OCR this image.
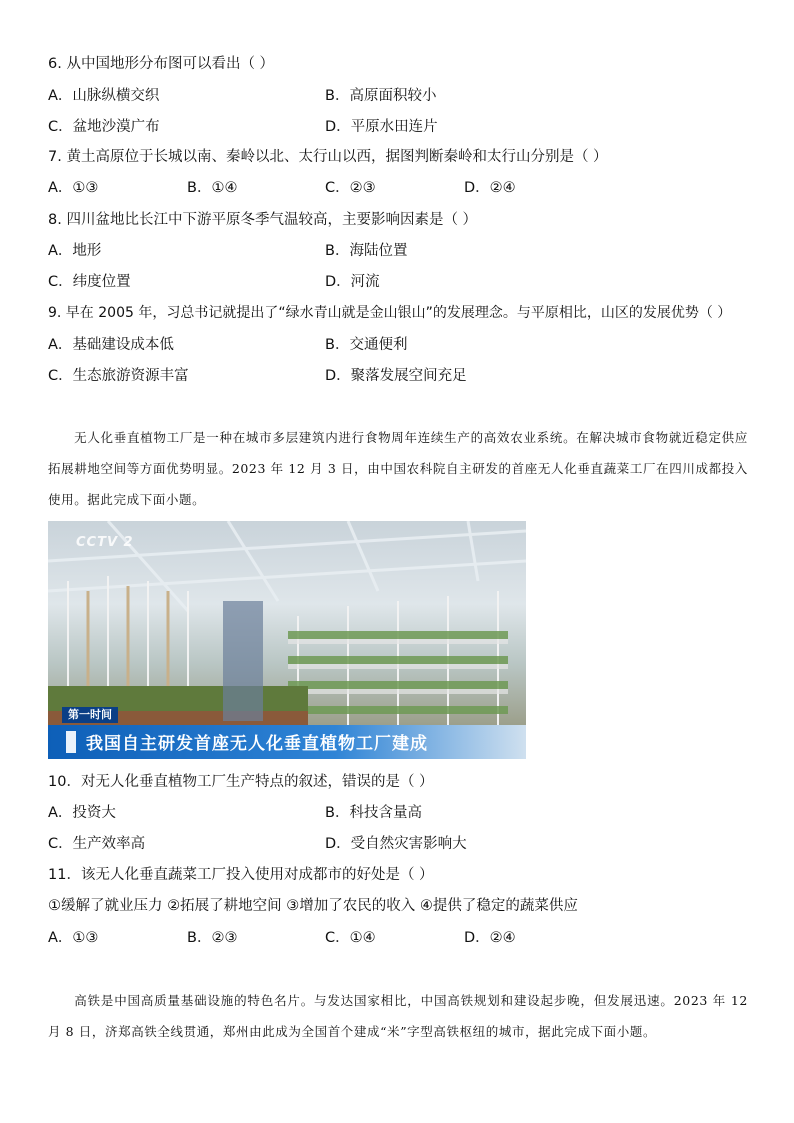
6. 从中国地形分布图可以看出（ ）
A．山脉纵横交织	B．高原面积较小
C．盆地沙漠广布	D．平原水田连片
7. 黄土高原位于长城以南、秦岭以北、太行山以西，据图判断秦岭和太行山分别是（ ）
A．①③	B．①④	C．②③	D．②④
8. 四川盆地比长江中下游平原冬季气温较高，主要影响因素是（ ）
A．地形	B．海陆位置
C．纬度位置	D．河流
9. 早在 2005 年，习总书记就提出了“绿水青山就是金山银山”的发展理念。与平原相比，山区的发展优势（ ）
A．基础建设成本低	B．交通便利
C．生态旅游资源丰富	D．聚落发展空间充足
无人化垂直植物工厂是一种在城市多层建筑内进行食物周年连续生产的高效农业系统。在解决城市食物就近稳定供应拓展耕地空间等方面优势明显。2023 年 12 月 3 日，由中国农科院自主研发的首座无人化垂直蔬菜工厂在四川成都投入使用。据此完成下面小题。
CCTV 2
第一时间
我国自主研发首座无人化垂直植物工厂建成
10．对无人化垂直植物工厂生产特点的叙述，错误的是（ ）
A．投资大	B．科技含量高
C．生产效率高	D．受自然灾害影响大
11．该无人化垂直蔬菜工厂投入使用对成都市的好处是（ ）
①缓解了就业压力 ②拓展了耕地空间 ③增加了农民的收入 ④提供了稳定的蔬菜供应
A．①③	B．②③	C．①④	D．②④
高铁是中国高质量基础设施的特色名片。与发达国家相比，中国高铁规划和建设起步晚，但发展迅速。2023 年 12 月 8 日，济郑高铁全线贯通，郑州由此成为全国首个建成“米”字型高铁枢纽的城市，据此完成下面小题。
